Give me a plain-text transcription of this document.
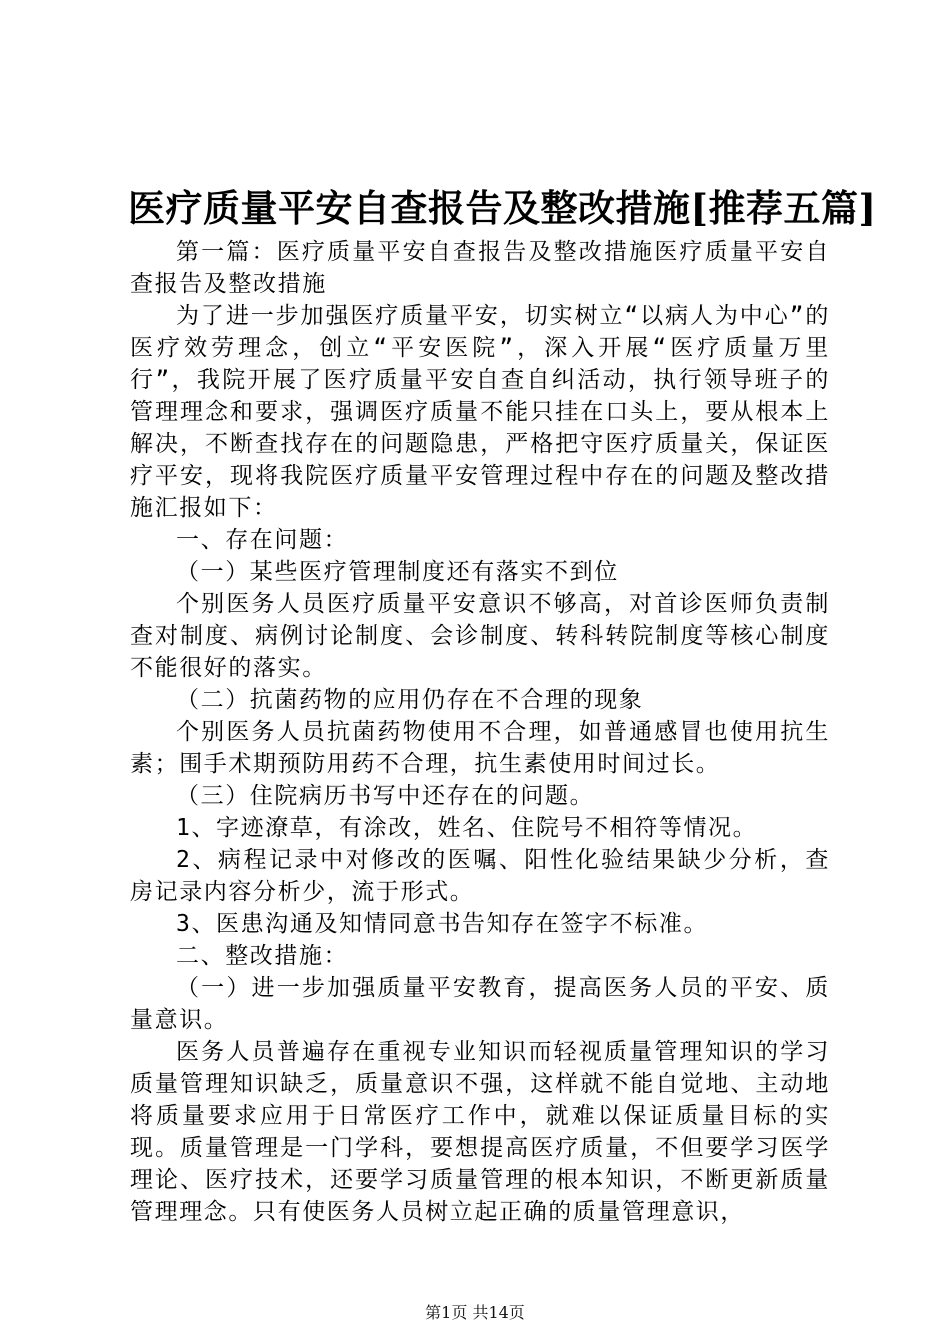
医疗质量平安自查报告及整改措施[推荐五篇]

第一篇：医疗质量平安自查报告及整改措施医疗质量平安自查报告及整改措施

为了进一步加强医疗质量平安，切实树立“以病人为中心”的医疗效劳理念，创立“平安医院”，深入开展“医疗质量万里行”，我院开展了医疗质量平安自查自纠活动，执行领导班子的管理理念和要求，强调医疗质量不能只挂在口头上，要从根本上解决，不断查找存在的问题隐患，严格把守医疗质量关，保证医疗平安，现将我院医疗质量平安管理过程中存在的问题及整改措施汇报如下：

一、存在问题：

（一）某些医疗管理制度还有落实不到位

个别医务人员医疗质量平安意识不够高，对首诊医师负责制查对制度、病例讨论制度、会诊制度、转科转院制度等核心制度不能很好的落实。

（二）抗菌药物的应用仍存在不合理的现象

个别医务人员抗菌药物使用不合理，如普通感冒也使用抗生素；围手术期预防用药不合理，抗生素使用时间过长。

（三）住院病历书写中还存在的问题。

1、字迹潦草，有涂改，姓名、住院号不相符等情况。

2、病程记录中对修改的医嘱、阳性化验结果缺少分析，查房记录内容分析少，流于形式。

3、医患沟通及知情同意书告知存在签字不标准。

二、整改措施：

（一）进一步加强质量平安教育，提高医务人员的平安、质量意识。

医务人员普遍存在重视专业知识而轻视质量管理知识的学习质量管理知识缺乏，质量意识不强，这样就不能自觉地、主动地将质量要求应用于日常医疗工作中，就难以保证质量目标的实现。质量管理是一门学科，要想提高医疗质量，不但要学习医学理论、医疗技术，还要学习质量管理的根本知识，不断更新质量管理理念。只有使医务人员树立起正确的质量管理意识，

第1页 共14页
